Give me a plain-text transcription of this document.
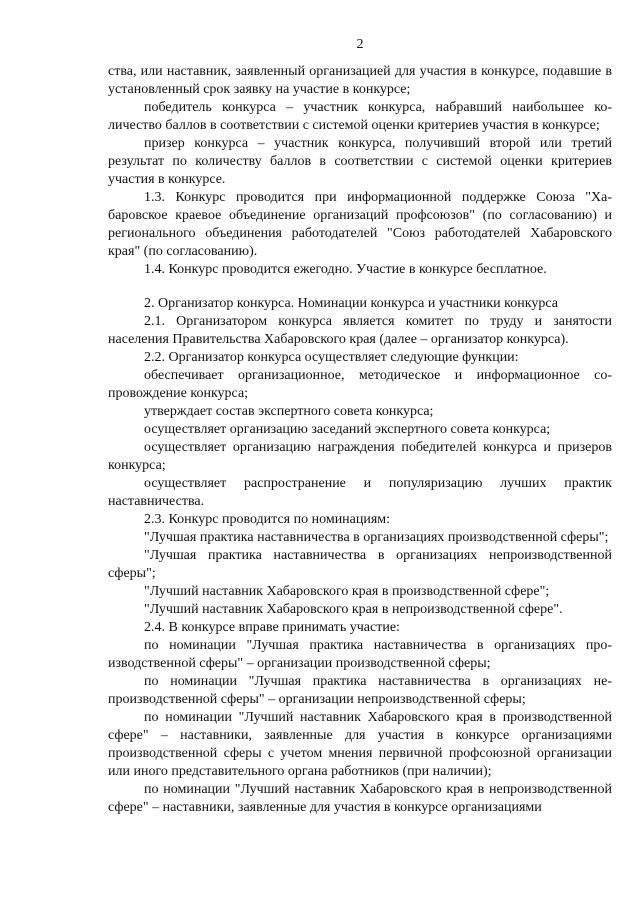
2

ства, или наставник, заявленный организацией для участия в конкурсе, подавшие в установленный срок заявку на участие в конкурсе;

победитель конкурса – участник конкурса, набравший наибольшее количество баллов в соответствии с системой оценки критериев участия в конкурсе;

призер конкурса – участник конкурса, получивший второй или третий результат по количеству баллов в соответствии с системой оценки критериев участия в конкурсе.

1.3. Конкурс проводится при информационной поддержке Союза "Хабаровское краевое объединение организаций профсоюзов" (по согласованию) и регионального объединения работодателей "Союз работодателей Хабаровского края" (по согласованию).

1.4. Конкурс проводится ежегодно. Участие в конкурсе бесплатное.

2. Организатор конкурса. Номинации конкурса и участники конкурса

2.1. Организатором конкурса является комитет по труду и занятости населения Правительства Хабаровского края (далее – организатор конкурса).

2.2. Организатор конкурса осуществляет следующие функции:

обеспечивает организационное, методическое и информационное сопровождение конкурса;

утверждает состав экспертного совета конкурса;

осуществляет организацию заседаний экспертного совета конкурса;

осуществляет организацию награждения победителей конкурса и призеров конкурса;

осуществляет распространение и популяризацию лучших практик наставничества.

2.3. Конкурс проводится по номинациям:

"Лучшая практика наставничества в организациях производственной сферы";

"Лучшая практика наставничества в организациях непроизводственной сферы";

"Лучший наставник Хабаровского края в производственной сфере";

"Лучший наставник Хабаровского края в непроизводственной сфере".

2.4. В конкурсе вправе принимать участие:

по номинации "Лучшая практика наставничества в организациях производственной сферы" – организации производственной сферы;

по номинации "Лучшая практика наставничества в организациях непроизводственной сферы" – организации непроизводственной сферы;

по номинации "Лучший наставник Хабаровского края в производственной сфере" – наставники, заявленные для участия в конкурсе организациями производственной сферы с учетом мнения первичной профсоюзной организации или иного представительного органа работников (при наличии);

по номинации "Лучший наставник Хабаровского края в непроизводственной сфере" – наставники, заявленные для участия в конкурсе организациями
